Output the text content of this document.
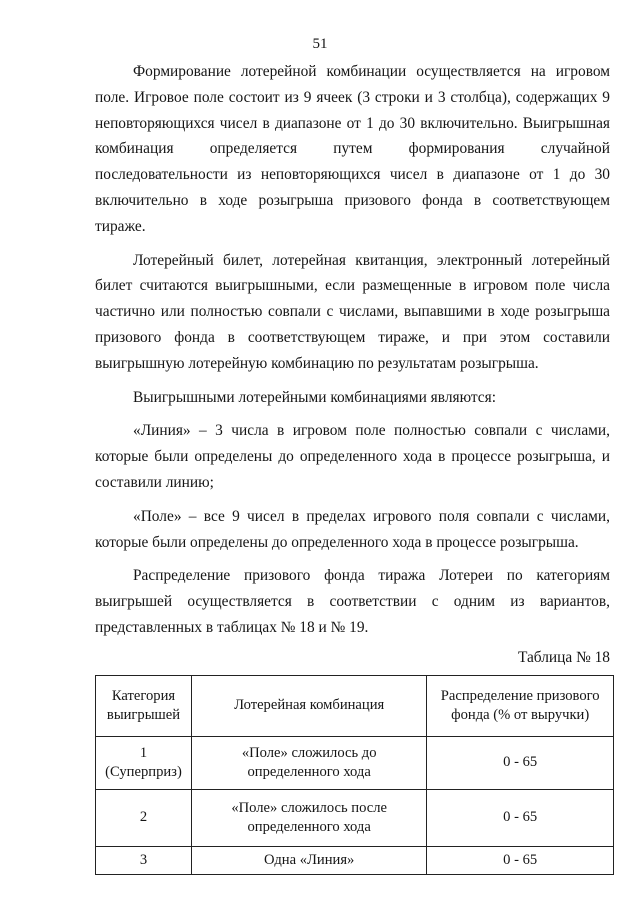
51

Формирование лотерейной комбинации осуществляется на игровом поле. Игровое поле состоит из 9 ячеек (3 строки и 3 столбца), содержащих 9 неповторяющихся чисел в диапазоне от 1 до 30 включительно. Выигрышная комбинация определяется путем формирования случайной последовательности из неповторяющихся чисел в диапазоне от 1 до 30 включительно в ходе розыгрыша призового фонда в соответствующем тираже.

Лотерейный билет, лотерейная квитанция, электронный лотерейный билет считаются выигрышными, если размещенные в игровом поле числа частично или полностью совпали с числами, выпавшими в ходе розыгрыша призового фонда в соответствующем тираже, и при этом составили выигрышную лотерейную комбинацию по результатам розыгрыша.

Выигрышными лотерейными комбинациями являются:

«Линия» – 3 числа в игровом поле полностью совпали с числами, которые были определены до определенного хода в процессе розыгрыша, и составили линию;

«Поле» – все 9 чисел в пределах игрового поля совпали с числами, которые были определены до определенного хода в процессе розыгрыша.

Распределение призового фонда тиража Лотереи по категориям выигрышей осуществляется в соответствии с одним из вариантов, представленных в таблицах № 18 и № 19.

Таблица № 18
Категория выигрышей	Лотерейная комбинация	Распределение призового фонда (% от выручки)
1 (Суперприз)	«Поле» сложилось до определенного хода	0 - 65
2	«Поле» сложилось после определенного хода	0 - 65
3	Одна «Линия»	0 - 65
